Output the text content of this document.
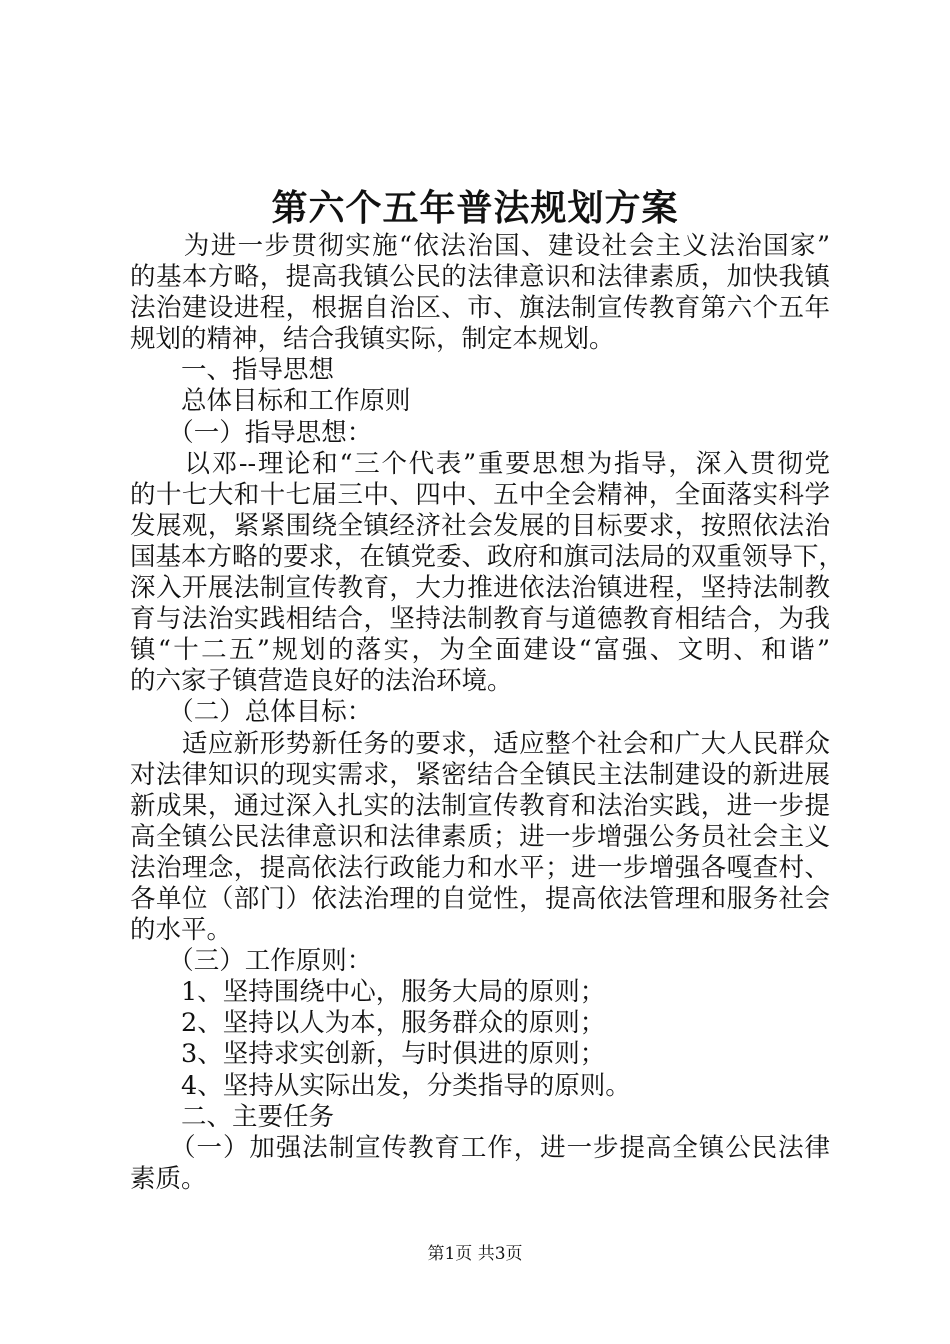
第六个五年普法规划方案
　　为进一步贯彻实施“依法治国、建设社会主义法治国家”
的基本方略，提高我镇公民的法律意识和法律素质，加快我镇
法治建设进程，根据自治区、市、旗法制宣传教育第六个五年
规划的精神，结合我镇实际，制定本规划。
　　一、指导思想
　　总体目标和工作原则
　　（一）指导思想：
　　以邓--理论和“三个代表”重要思想为指导，深入贯彻党
的十七大和十七届三中、四中、五中全会精神，全面落实科学
发展观，紧紧围绕全镇经济社会发展的目标要求，按照依法治
国基本方略的要求，在镇党委、政府和旗司法局的双重领导下，
深入开展法制宣传教育，大力推进依法治镇进程，坚持法制教
育与法治实践相结合，坚持法制教育与道德教育相结合，为我
镇“十二五”规划的落实，为全面建设“富强、文明、和谐”
的六家子镇营造良好的法治环境。
　　（二）总体目标：
　　适应新形势新任务的要求，适应整个社会和广大人民群众
对法律知识的现实需求，紧密结合全镇民主法制建设的新进展
新成果，通过深入扎实的法制宣传教育和法治实践，进一步提
高全镇公民法律意识和法律素质；进一步增强公务员社会主义
法治理念，提高依法行政能力和水平；进一步增强各嘎查村、
各单位（部门）依法治理的自觉性，提高依法管理和服务社会
的水平。
　　（三）工作原则：
　　1、坚持围绕中心，服务大局的原则；
　　2、坚持以人为本，服务群众的原则；
　　3、坚持求实创新，与时俱进的原则；
　　4、坚持从实际出发，分类指导的原则。
　　二、主要任务
　　（一）加强法制宣传教育工作，进一步提高全镇公民法律
素质。
第1页 共3页
